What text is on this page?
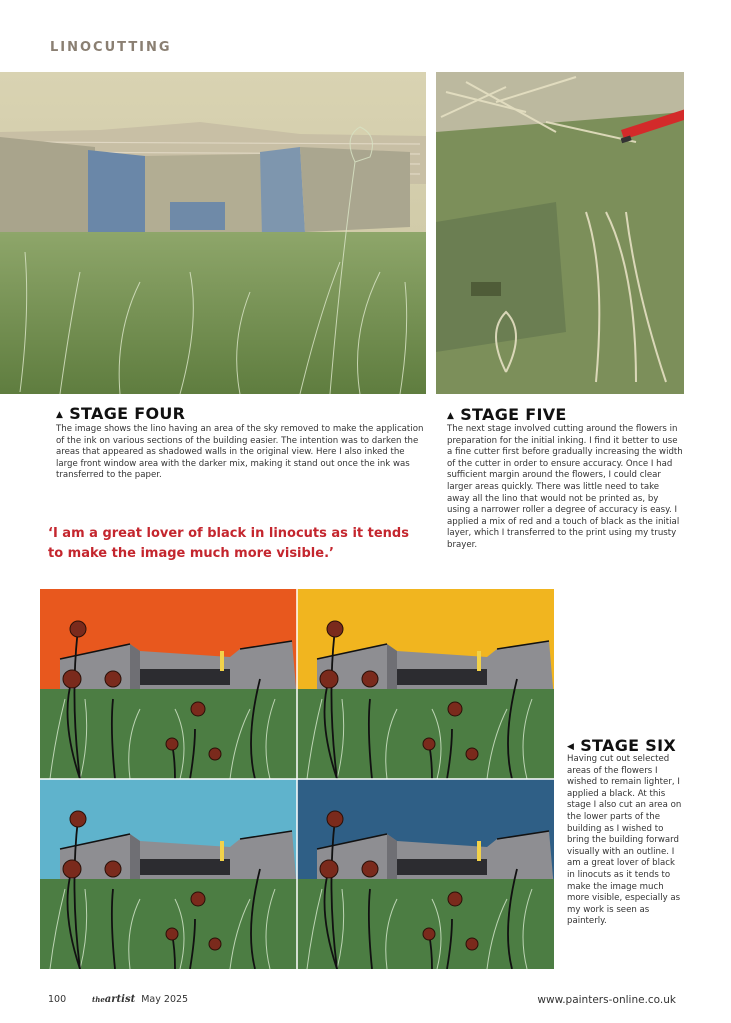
LINOCUTTING
▲ STAGE FOUR
The image shows the lino having an area of the sky removed to make the application of the ink on various sections of the building easier. The intention was to darken the areas that appeared as shadowed walls in the original view. Here I also inked the large front window area with the darker mix, making it stand out once the ink was transferred to the paper.
▲ STAGE FIVE
The next stage involved cutting around the flowers in preparation for the initial inking. I find it better to use a fine cutter first before gradually increasing the width of the cutter in order to ensure accuracy. Once I had sufficient margin around the flowers, I could clear larger areas quickly. There was little need to take away all the lino that would not be printed as, by using a narrower roller a degree of accuracy is easy. I applied a mix of red and a touch of black as the initial layer, which I transferred to the print using my trusty brayer.
‘I am a great lover of black in linocuts as it tends to make the image much more visible.’
◀ STAGE SIX
Having cut out selected areas of the flowers I wished to remain lighter, I applied a black. At this stage I also cut an area on the lower parts of the building as I wished to bring the building forward visually with an outline. I am a great lover of black in linocuts as it tends to make the image much more visible, especially as my work is seen as painterly.
100	theartist May 2025	www.painters-online.co.uk
